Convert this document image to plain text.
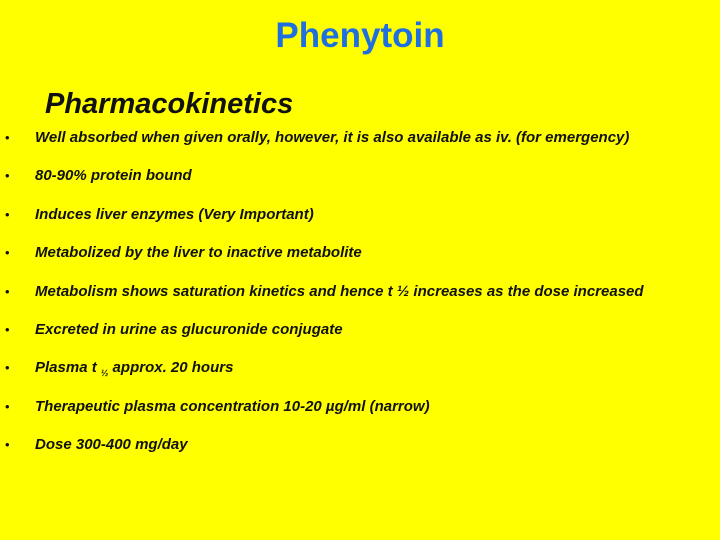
Phenytoin
Pharmacokinetics
• Well absorbed when given orally, however, it is also available as iv. (for emergency)
• 80-90% protein bound
• Induces liver enzymes (Very Important)
• Metabolized by the liver to inactive metabolite
• Metabolism shows saturation kinetics and hence t ½ increases as the dose increased
• Excreted in urine as glucuronide conjugate
• Plasma t $_{\frac{1}{2}}$ approx. 20 hours
• Therapeutic plasma concentration 10-20 µg/ml (narrow)
• Dose 300-400 mg/day
